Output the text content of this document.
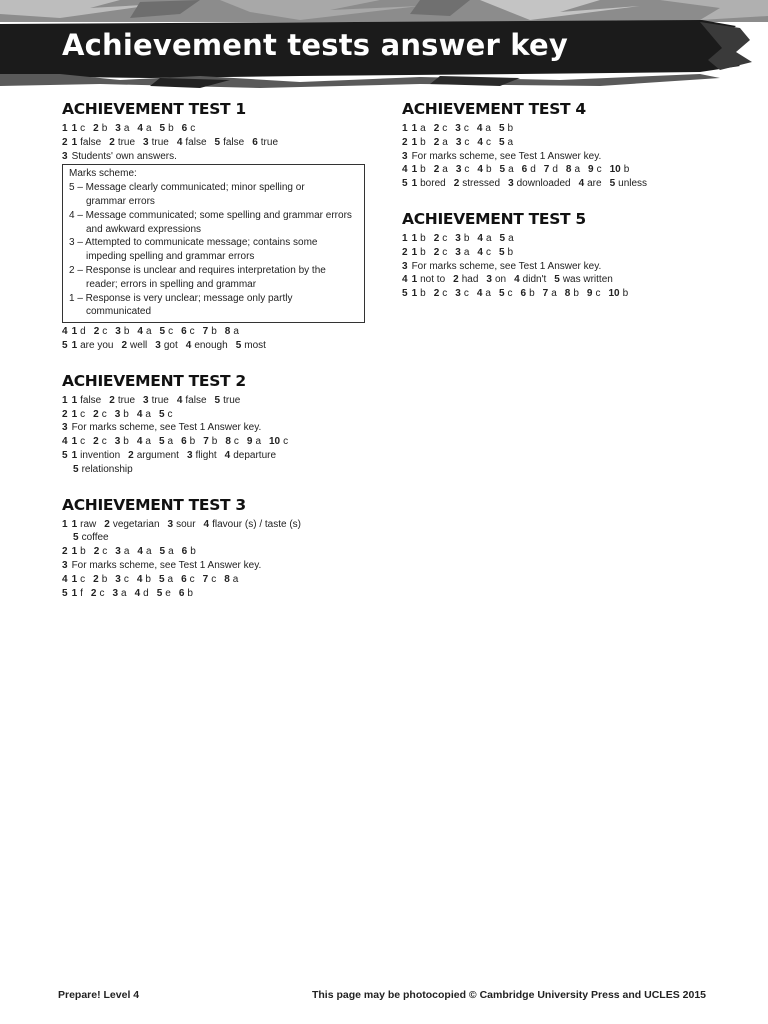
Achievement tests answer key
ACHIEVEMENT TEST 1
1 1 c 2 b 3 a 4 a 5 b 6 c
2 1 false 2 true 3 true 4 false 5 false 6 true
3 Students' own answers.
Marks scheme:
5 – Message clearly communicated; minor spelling or
grammar errors
4 – Message communicated; some spelling and grammar errors
and awkward expressions
3 – Attempted to communicate message; contains some
impeding spelling and grammar errors
2 – Response is unclear and requires interpretation by the
reader; errors in spelling and grammar
1 – Response is very unclear; message only partly
communicated
4 1 d 2 c 3 b 4 a 5 c 6 c 7 b 8 a
5 1 are you 2 well 3 got 4 enough 5 most
ACHIEVEMENT TEST 2
1 1 false 2 true 3 true 4 false 5 true
2 1 c 2 c 3 b 4 a 5 c
3 For marks scheme, see Test 1 Answer key.
4 1 c 2 c 3 b 4 a 5 a 6 b 7 b 8 c 9 a 10 c
5 1 invention 2 argument 3 flight 4 departure
5 relationship
ACHIEVEMENT TEST 3
1 1 raw 2 vegetarian 3 sour 4 flavour (s) / taste (s)
5 coffee
2 1 b 2 c 3 a 4 a 5 a 6 b
3 For marks scheme, see Test 1 Answer key.
4 1 c 2 b 3 c 4 b 5 a 6 c 7 c 8 a
5 1 f 2 c 3 a 4 d 5 e 6 b
ACHIEVEMENT TEST 4
1 1 a 2 c 3 c 4 a 5 b
2 1 b 2 a 3 c 4 c 5 a
3 For marks scheme, see Test 1 Answer key.
4 1 b 2 a 3 c 4 b 5 a 6 d 7 d 8 a 9 c 10 b
5 1 bored 2 stressed 3 downloaded 4 are 5 unless
ACHIEVEMENT TEST 5
1 1 b 2 c 3 b 4 a 5 a
2 1 b 2 c 3 a 4 c 5 b
3 For marks scheme, see Test 1 Answer key.
4 1 not to 2 had 3 on 4 didn't 5 was written
5 1 b 2 c 3 c 4 a 5 c 6 b 7 a 8 b 9 c 10 b
Prepare! Level 4	This page may be photocopied © Cambridge University Press and UCLES 2015
